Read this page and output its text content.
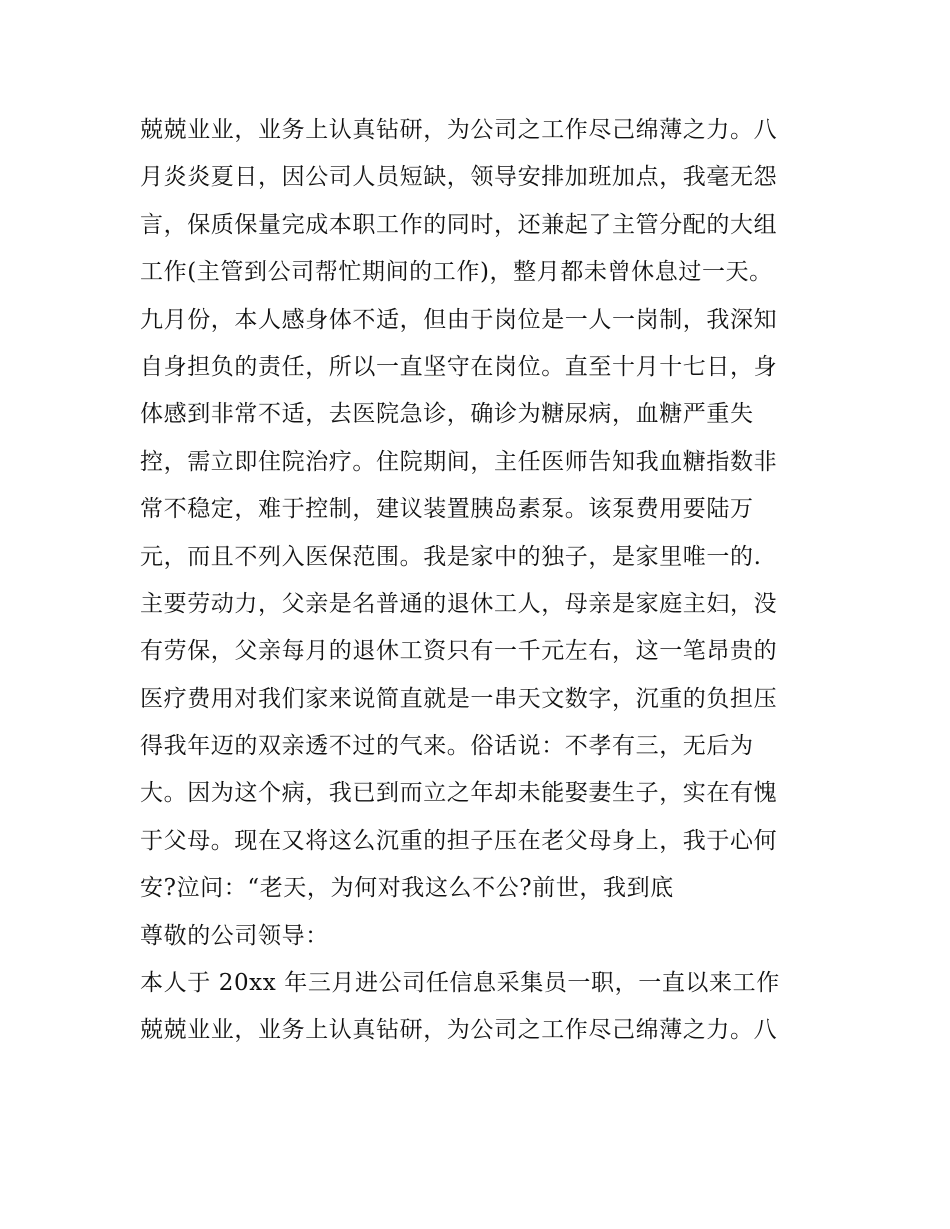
兢兢业业，业务上认真钻研，为公司之工作尽己绵薄之力。八
月炎炎夏日，因公司人员短缺，领导安排加班加点，我毫无怨
言，保质保量完成本职工作的同时，还兼起了主管分配的大组
工作(主管到公司帮忙期间的工作)，整月都未曾休息过一天。
九月份，本人感身体不适，但由于岗位是一人一岗制，我深知
自身担负的责任，所以一直坚守在岗位。直至十月十七日，身
体感到非常不适，去医院急诊，确诊为糖尿病，血糖严重失
控，需立即住院治疗。住院期间，主任医师告知我血糖指数非
常不稳定，难于控制，建议装置胰岛素泵。该泵费用要陆万
元，而且不列入医保范围。我是家中的独子，是家里唯一的.
主要劳动力，父亲是名普通的退休工人，母亲是家庭主妇，没
有劳保，父亲每月的退休工资只有一千元左右，这一笔昂贵的
医疗费用对我们家来说简直就是一串天文数字，沉重的负担压
得我年迈的双亲透不过的气来。俗话说：不孝有三，无后为
大。因为这个病，我已到而立之年却未能娶妻生子，实在有愧
于父母。现在又将这么沉重的担子压在老父母身上，我于心何
安?泣问：“老天，为何对我这么不公?前世，我到底
尊敬的公司领导：
本人于 20xx 年三月进公司任信息采集员一职，一直以来工作
兢兢业业，业务上认真钻研，为公司之工作尽己绵薄之力。八
